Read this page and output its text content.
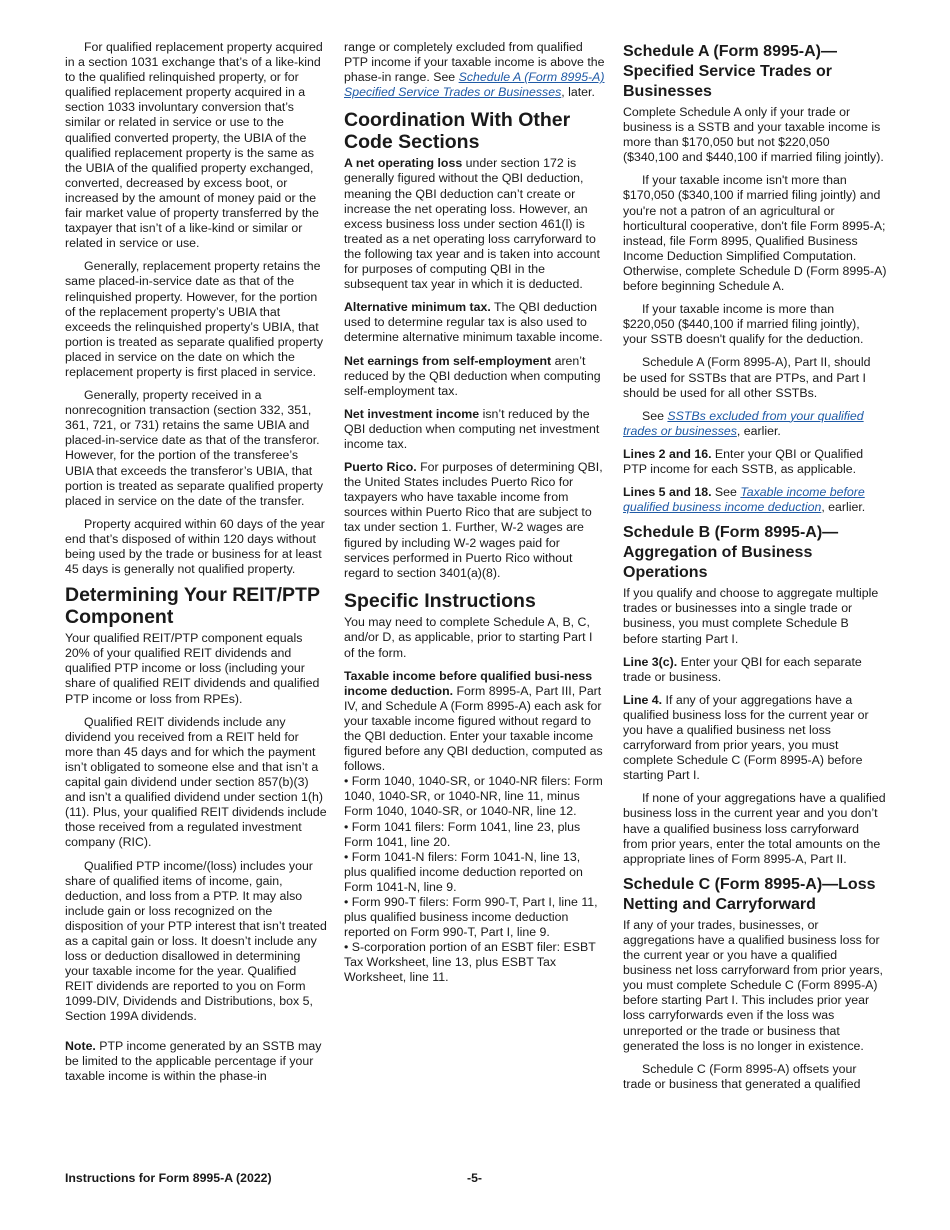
For qualified replacement property acquired in a section 1031 exchange that’s of a like-kind to the qualified relinquished property, or for qualified replacement property acquired in a section 1033 involuntary conversion that’s similar or related in service or use to the qualified converted property, the UBIA of the qualified replacement property is the same as the UBIA of the qualified property exchanged, converted, decreased by excess boot, or increased by the amount of money paid or the fair market value of property transferred by the taxpayer that isn’t of a like-kind or similar or related in service or use.

Generally, replacement property retains the same placed-in-service date as that of the relinquished property. However, for the portion of the replacement property’s UBIA that exceeds the relinquished property’s UBIA, that portion is treated as separate qualified property placed in service on the date on which the replacement property is first placed in service.

Generally, property received in a nonrecognition transaction (section 332, 351, 361, 721, or 731) retains the same UBIA and placed-in-service date as that of the transferor. However, for the portion of the transferee’s UBIA that exceeds the transferor’s UBIA, that portion is treated as separate qualified property placed in service on the date of the transfer.

Property acquired within 60 days of the year end that’s disposed of within 120 days without being used by the trade or business for at least 45 days is generally not qualified property.

Determining Your REIT/PTP Component

Your qualified REIT/PTP component equals 20% of your qualified REIT dividends and qualified PTP income or loss (including your share of qualified REIT dividends and qualified PTP income or loss from RPEs).

Qualified REIT dividends include any dividend you received from a REIT held for more than 45 days and for which the payment isn’t obligated to someone else and that isn’t a capital gain dividend under section 857(b)(3) and isn’t a qualified dividend under section 1(h)(11). Plus, your qualified REIT dividends include those received from a regulated investment company (RIC).

Qualified PTP income/(loss) includes your share of qualified items of income, gain, deduction, and loss from a PTP. It may also include gain or loss recognized on the disposition of your PTP interest that isn’t treated as a capital gain or loss. It doesn’t include any loss or deduction disallowed in determining your taxable income for the year. Qualified REIT dividends are reported to you on Form 1099-DIV, Dividends and Distributions, box 5, Section 199A dividends.

Note. PTP income generated by an SSTB may be limited to the applicable percentage if your taxable income is within the phase-in

range or completely excluded from qualified PTP income if your taxable income is above the phase-in range. See Schedule A (Form 8995-A) Specified Service Trades or Businesses, later.

Coordination With Other Code Sections

A net operating loss under section 172 is generally figured without the QBI deduction, meaning the QBI deduction can’t create or increase the net operating loss. However, an excess business loss under section 461(l) is treated as a net operating loss carryforward to the following tax year and is taken into account for purposes of computing QBI in the subsequent tax year in which it is deducted.

Alternative minimum tax. The QBI deduction used to determine regular tax is also used to determine alternative minimum taxable income.

Net earnings from self-employment aren’t reduced by the QBI deduction when computing self-employment tax.

Net investment income isn’t reduced by the QBI deduction when computing net investment income tax.

Puerto Rico. For purposes of determining QBI, the United States includes Puerto Rico for taxpayers who have taxable income from sources within Puerto Rico that are subject to tax under section 1. Further, W-2 wages are figured by including W-2 wages paid for services performed in Puerto Rico without regard to section 3401(a)(8).

Specific Instructions

You may need to complete Schedule A, B, C, and/or D, as applicable, prior to starting Part I of the form.

Taxable income before qualified busi-ness income deduction. Form 8995-A, Part III, Part IV, and Schedule A (Form 8995-A) each ask for your taxable income figured without regard to the QBI deduction. Enter your taxable income figured before any QBI deduction, computed as follows.

• Form 1040, 1040-SR, or 1040-NR filers: Form 1040, 1040-SR, or 1040-NR, line 11, minus Form 1040, 1040-SR, or 1040-NR, line 12.

• Form 1041 filers: Form 1041, line 23, plus Form 1041, line 20.

• Form 1041-N filers: Form 1041-N, line 13, plus qualified income deduction reported on Form 1041-N, line 9.

• Form 990-T filers: Form 990-T, Part I, line 11, plus qualified business income deduction reported on Form 990-T, Part I, line 9.

• S-corporation portion of an ESBT filer: ESBT Tax Worksheet, line 13, plus ESBT Tax Worksheet, line 11.

Schedule A (Form 8995-A)—Specified Service Trades or Businesses

Complete Schedule A only if your trade or business is a SSTB and your taxable income is more than $170,050 but not $220,050 ($340,100 and $440,100 if married filing jointly).

If your taxable income isn't more than $170,050 ($340,100 if married filing jointly) and you're not a patron of an agricultural or horticultural cooperative, don't file Form 8995-A; instead, file Form 8995, Qualified Business Income Deduction Simplified Computation. Otherwise, complete Schedule D (Form 8995-A) before beginning Schedule A.

If your taxable income is more than $220,050 ($440,100 if married filing jointly), your SSTB doesn't qualify for the deduction.

Schedule A (Form 8995-A), Part II, should be used for SSTBs that are PTPs, and Part I should be used for all other SSTBs.

See SSTBs excluded from your qualified trades or businesses, earlier.

Lines 2 and 16. Enter your QBI or Qualified PTP income for each SSTB, as applicable.

Lines 5 and 18. See Taxable income before qualified business income deduction, earlier.

Schedule B (Form 8995-A)—Aggregation of Business Operations

If you qualify and choose to aggregate multiple trades or businesses into a single trade or business, you must complete Schedule B before starting Part I.

Line 3(c). Enter your QBI for each separate trade or business.

Line 4. If any of your aggregations have a qualified business loss for the current year or you have a qualified business net loss carryforward from prior years, you must complete Schedule C (Form 8995-A) before starting Part I.

If none of your aggregations have a qualified business loss in the current year and you don’t have a qualified business loss carryforward from prior years, enter the total amounts on the appropriate lines of Form 8995-A, Part II.

Schedule C (Form 8995-A)—Loss Netting and Carryforward

If any of your trades, businesses, or aggregations have a qualified business loss for the current year or you have a qualified business net loss carryforward from prior years, you must complete Schedule C (Form 8995-A) before starting Part I. This includes prior year loss carryforwards even if the loss was unreported or the trade or business that generated the loss is no longer in existence.

Schedule C (Form 8995-A) offsets your trade or business that generated a qualified

Instructions for Form 8995-A (2022)	-5-
